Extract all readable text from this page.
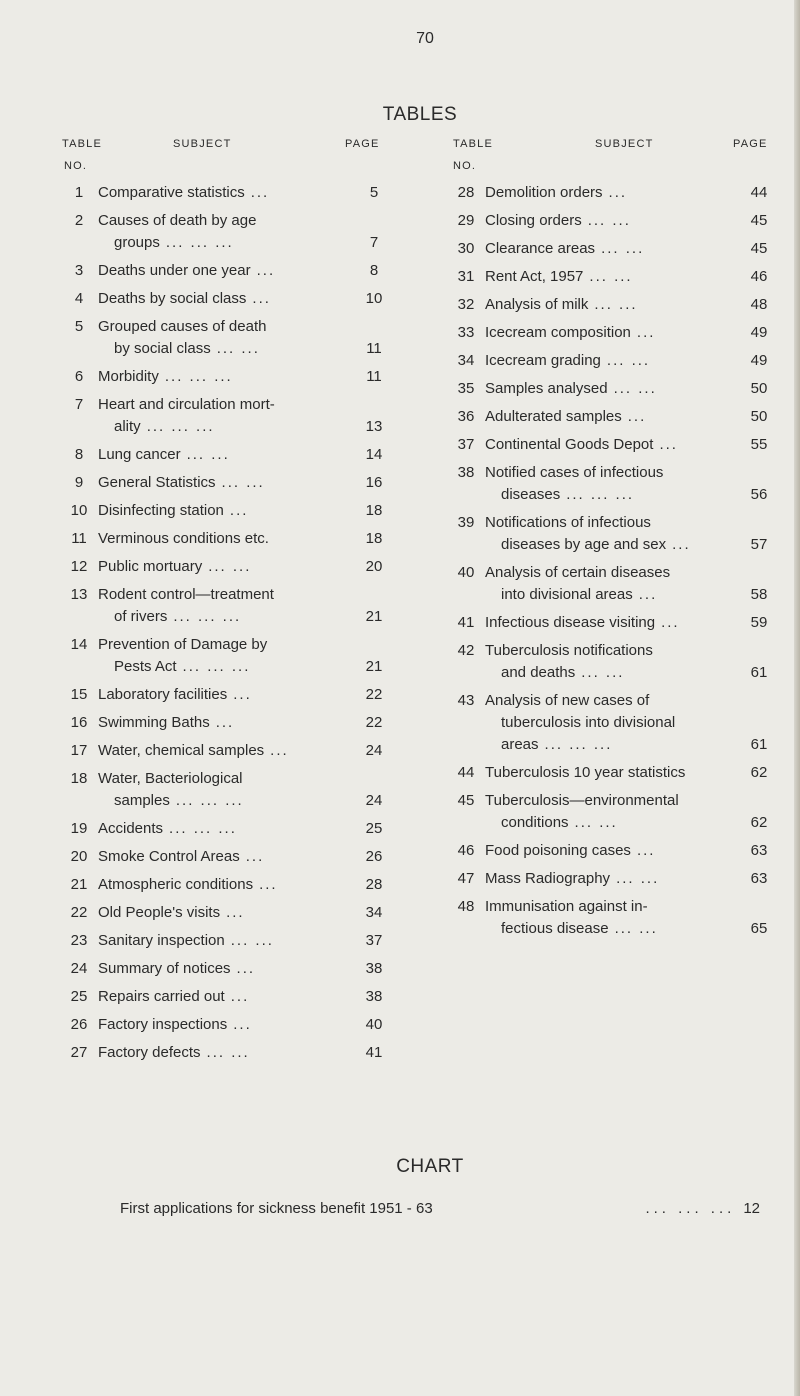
70
TABLES
TABLE	SUBJECT	PAGE
NO.
1 Comparative statistics ...	5
2 Causes of death by age
groups ... ... ...	7
3 Deaths under one year ...	8
4 Deaths by social class ...	10
5 Grouped causes of death
by social class ... ...	11
6 Morbidity ... ... ...	11
7 Heart and circulation mort-
ality ... ... ...	13
8 Lung cancer ... ...	14
9 General Statistics ... ...	16
10 Disinfecting station ...	18
11 Verminous conditions etc.	18
12 Public mortuary ... ...	20
13 Rodent control—treatment
of rivers ... ... ...	21
14 Prevention of Damage by
Pests Act ... ... ...	21
15 Laboratory facilities ...	22
16 Swimming Baths ...	22
17 Water, chemical samples ...	24
18 Water, Bacteriological
samples ... ... ...	24
19 Accidents ... ... ...	25
20 Smoke Control Areas ...	26
21 Atmospheric conditions ...	28
22 Old People's visits ...	34
23 Sanitary inspection ... ...	37
24 Summary of notices ...	38
25 Repairs carried out ...	38
26 Factory inspections ...	40
27 Factory defects ... ...	41
TABLE	SUBJECT	PAGE
NO.
28 Demolition orders ...	44
29 Closing orders ... ...	45
30 Clearance areas ... ...	45
31 Rent Act, 1957 ... ...	46
32 Analysis of milk ... ...	48
33 Icecream composition ...	49
34 Icecream grading ... ...	49
35 Samples analysed ... ...	50
36 Adulterated samples ...	50
37 Continental Goods Depot ...	55
38 Notified cases of infectious
diseases ... ... ...	56
39 Notifications of infectious
diseases by age and sex ...	57
40 Analysis of certain diseases
into divisional areas ...	58
41 Infectious disease visiting ...	59
42 Tuberculosis notifications
and deaths ... ...	61
43 Analysis of new cases of
tuberculosis into divisional
areas ... ... ...	61
44 Tuberculosis 10 year statistics	62
45 Tuberculosis—environmental
conditions ... ...	62
46 Food poisoning cases ...	63
47 Mass Radiography ... ...	63
48 Immunisation against in-
fectious disease ... ...	65
CHART
First applications for sickness benefit 1951 - 63	... ... ... 12
